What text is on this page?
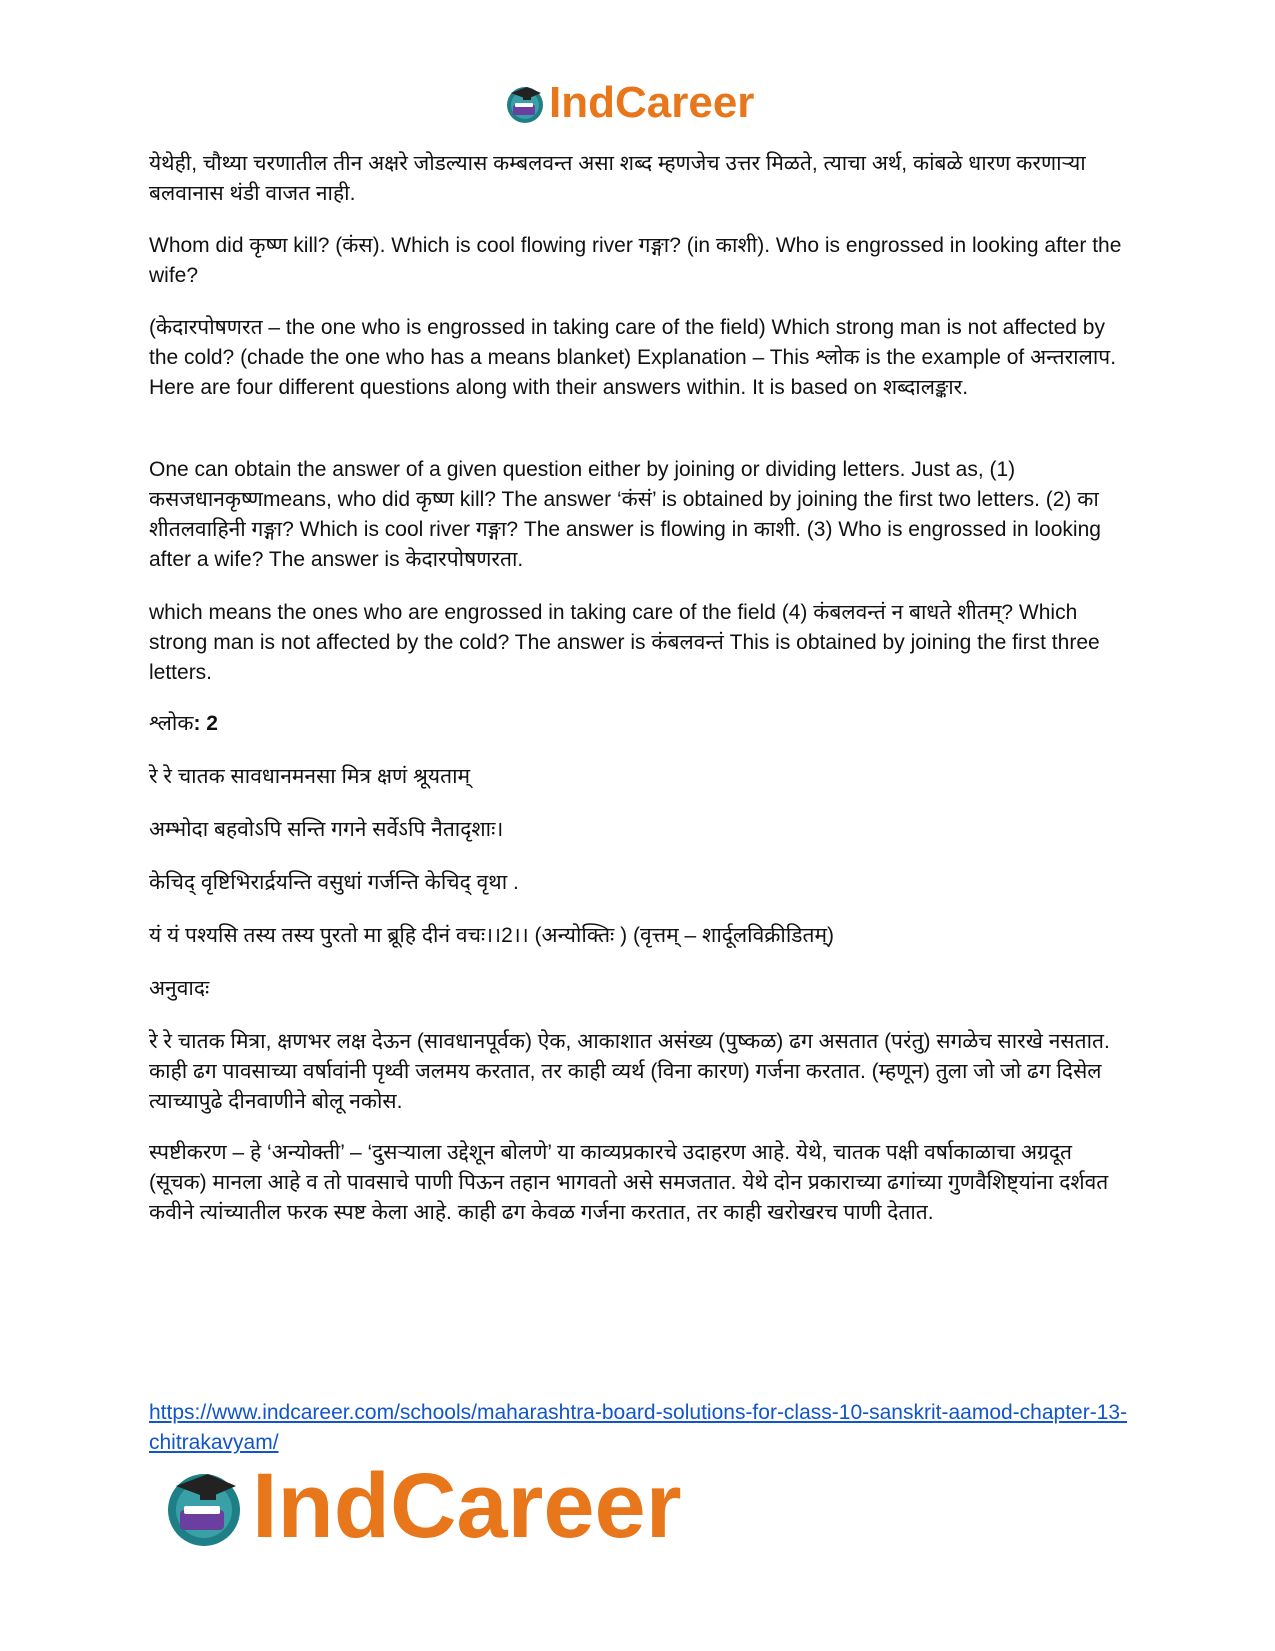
IndCareer

येथेही, चौथ्या चरणातील तीन अक्षरे जोडल्यास कम्बलवन्त असा शब्द म्हणजेच उत्तर मिळते, त्याचा अर्थ, कांबळे धारण करणाऱ्या बलवानास थंडी वाजत नाही.

Whom did कृष्ण kill? (कंस). Which is cool flowing river गङ्गा? (in काशी). Who is engrossed in looking after the wife?

(केदारपोषणरत – the one who is engrossed in taking care of the field) Which strong man is not affected by the cold? (chade the one who has a means blanket) Explanation – This श्लोक is the example of अन्तरालाप. Here are four different questions along with their answers within. It is based on शब्दालङ्कार.

One can obtain the answer of a given question either by joining or dividing letters. Just as, (1) कसजधानकृष्णmeans, who did कृष्ण kill? The answer ‘कंसं’ is obtained by joining the first two letters. (2) का शीतलवाहिनी गङ्गा? Which is cool river गङ्गा? The answer is flowing in काशी. (3) Who is engrossed in looking after a wife? The answer is केदारपोषणरता.

which means the ones who are engrossed in taking care of the field (4) कंबलवन्तं न बाधते शीतम्? Which strong man is not affected by the cold? The answer is कंबलवन्तं This is obtained by joining the first three letters.

श्लोक: 2

रे रे चातक सावधानमनसा मित्र क्षणं श्रूयताम्

अम्भोदा बहवोऽपि सन्ति गगने सर्वेऽपि नैतादृशाः।

केचिद् वृष्टिभिरार्द्रयन्ति वसुधां गर्जन्ति केचिद् वृथा .

यं यं पश्यसि तस्य तस्य पुरतो मा ब्रूहि दीनं वचः।।2।। (अन्योक्तिः ) (वृत्तम् – शार्दूलविक्रीडितम्)

अनुवादः

रे रे चातक मित्रा, क्षणभर लक्ष देऊन (सावधानपूर्वक) ऐक, आकाशात असंख्य (पुष्कळ) ढग असतात (परंतु) सगळेच सारखे नसतात. काही ढग पावसाच्या वर्षावांनी पृथ्वी जलमय करतात, तर काही व्यर्थ (विना कारण) गर्जना करतात. (म्हणून) तुला जो जो ढग दिसेल त्याच्यापुढे दीनवाणीने बोलू नकोस.

स्पष्टीकरण – हे ‘अन्योक्ती’ – ‘दुसऱ्याला उद्देशून बोलणे’ या काव्यप्रकारचे उदाहरण आहे. येथे, चातक पक्षी वर्षाकाळाचा अग्रदूत (सूचक) मानला आहे व तो पावसाचे पाणी पिऊन तहान भागवतो असे समजतात. येथे दोन प्रकाराच्या ढगांच्या गुणवैशिष्ट्यांना दर्शवत कवीने त्यांच्यातील फरक स्पष्ट केला आहे. काही ढग केवळ गर्जना करतात, तर काही खरोखरच पाणी देतात.

https://www.indcareer.com/schools/maharashtra-board-solutions-for-class-10-sanskrit-aamod-chapter-13-chitrakavyam/
IndCareer
